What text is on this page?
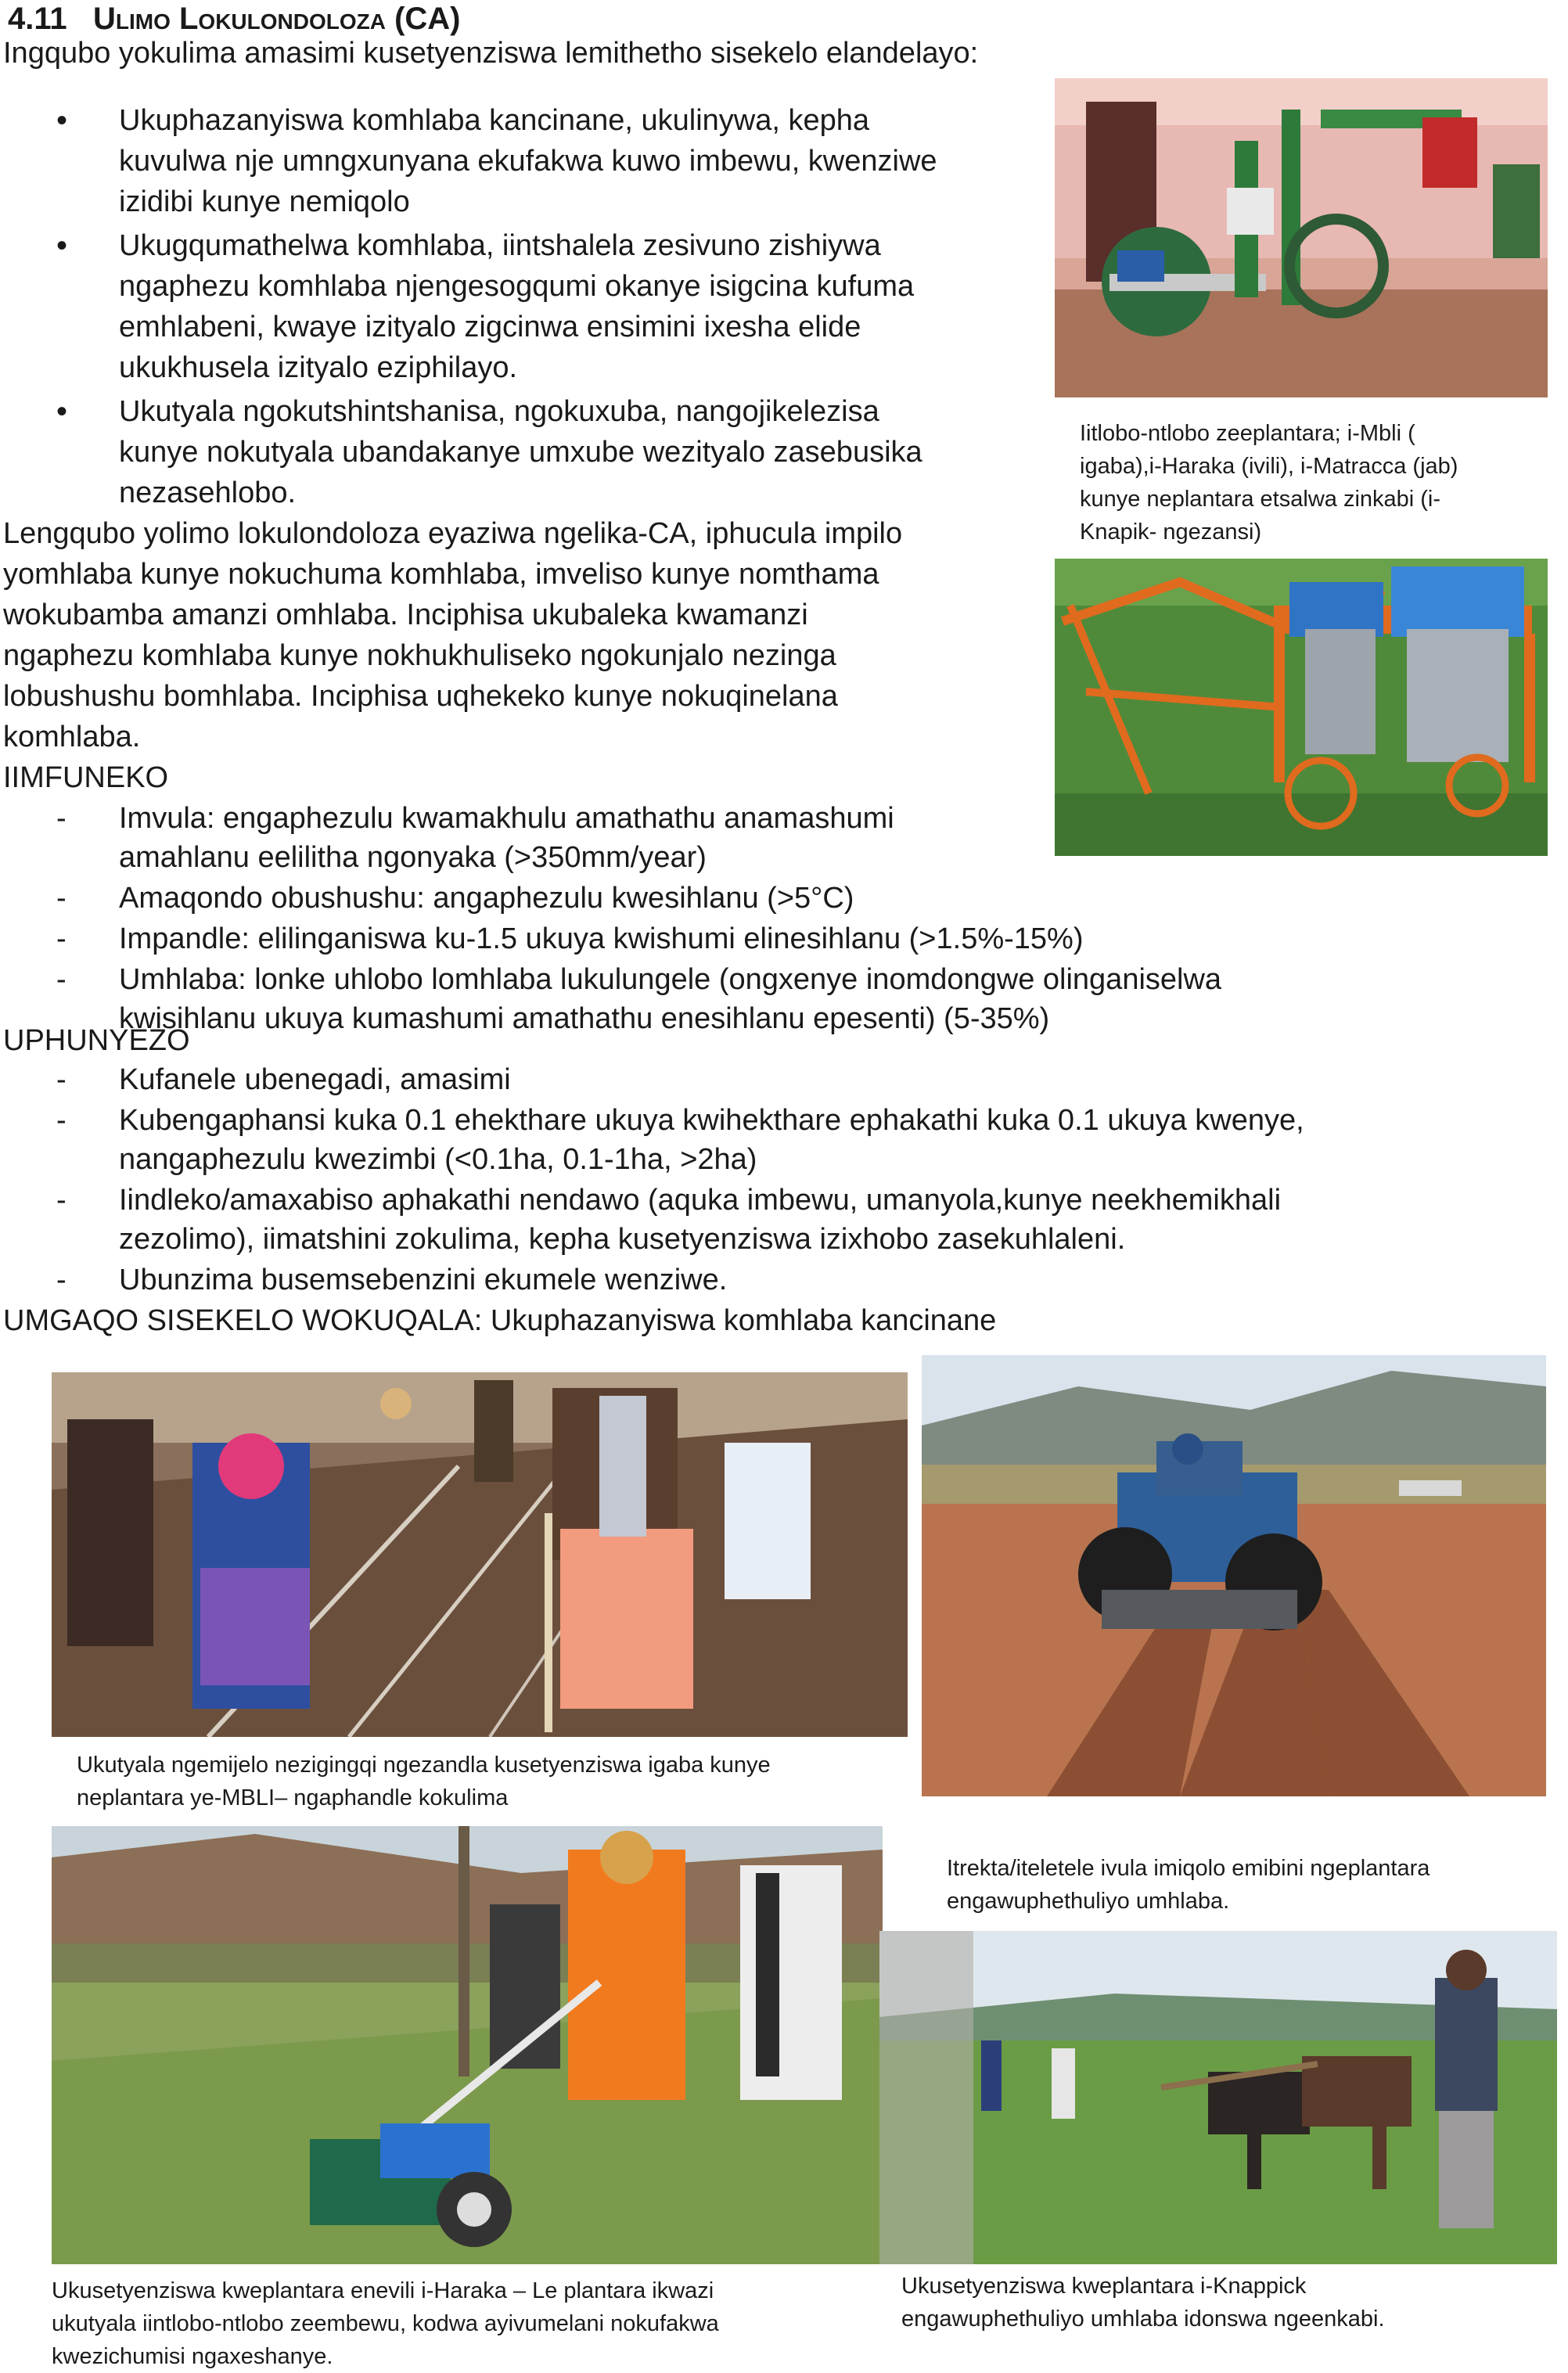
4.11 Ulimo Lokulondoloza (CA)
Ingqubo yokulima amasimi kusetyenziswa lemithetho sisekelo elandelayo:
• Ukuphazanyiswa komhlaba kancinane, ukulinywa, kepha
kuvulwa nje umngxunyana ekufakwa kuwo imbewu, kwenziwe
izidibi kunye nemiqolo
• Ukugqumathelwa komhlaba, iintshalela zesivuno zishiywa
ngaphezu komhlaba njengesogqumi okanye isigcina kufuma
emhlabeni, kwaye izityalo zigcinwa ensimini ixesha elide
ukukhusela izityalo eziphilayo.
• Ukutyala ngokutshintshanisa, ngokuxuba, nangojikelezisa
kunye nokutyala ubandakanye umxube wezityalo zasebusika
nezasehlobo.
Lengqubo yolimo lokulondoloza eyaziwa ngelika-CA, iphucula impilo
yomhlaba kunye nokuchuma komhlaba, imveliso kunye nomthama
wokubamba amanzi omhlaba. Inciphisa ukubaleka kwamanzi
ngaphezu komhlaba kunye nokhukhuliseko ngokunjalo nezinga
lobushushu bomhlaba. Inciphisa uqhekeko kunye nokuqinelana
komhlaba.
IIMFUNEKO
- Imvula: engaphezulu kwamakhulu amathathu anamashumi
amahlanu eelilitha ngonyaka (>350mm/year)
- Amaqondo obushushu: angaphezulu kwesihlanu (>5°C)
- Impandle: elilinganiswa ku-1.5 ukuya kwishumi elinesihlanu (>1.5%-15%)
- Umhlaba: lonke uhlobo lomhlaba lukulungele (ongxenye inomdongwe olinganiselwa
kwisihlanu ukuya kumashumi amathathu enesihlanu epesenti) (5-35%)
UPHUNYEZO
- Kufanele ubenegadi, amasimi
- Kubengaphansi kuka 0.1 ehekthare ukuya kwihekthare ephakathi kuka 0.1 ukuya kwenye,
nangaphezulu kwezimbi (<0.1ha, 0.1-1ha, >2ha)
- Iindleko/amaxabiso aphakathi nendawo (aquka imbewu, umanyola,kunye neekhemikhali
zezolimo), iimatshini zokulima, kepha kusetyenziswa izixhobo zasekuhlaleni.
- Ubunzima busemsebenzini ekumele wenziwe.
UMGAQO SISEKELO WOKUQALA: Ukuphazanyiswa komhlaba kancinane
Iitlobo-ntlobo zeeplantara; i-Mbli (
igaba),i-Haraka (ivili), i-Matracca (jab)
kunye neplantara etsalwa zinkabi (i-
Knapik- ngezansi)
Ukutyala ngemijelo nezigingqi ngezandla kusetyenziswa igaba kunye
neplantara ye-MBLI– ngaphandle kokulima
Itrekta/iteletele ivula imiqolo emibini ngeplantara
engawuphethuliyo umhlaba.
Ukusetyenziswa kweplantara enevili i-Haraka – Le plantara ikwazi
ukutyala iintlobo-ntlobo zeembewu, kodwa ayivumelani nokufakwa
kwezichumisi ngaxeshanye.
Ukusetyenziswa kweplantara i-Knappick
engawuphethuliyo umhlaba idonswa ngeenkabi.
